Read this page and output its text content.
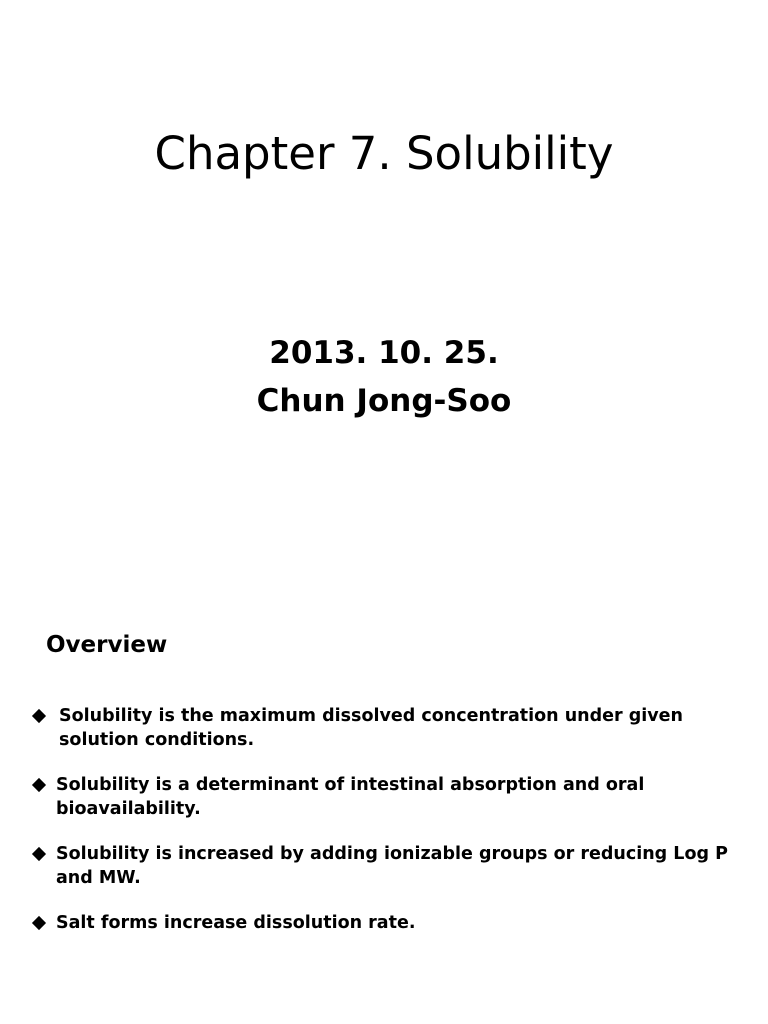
Chapter 7. Solubility
2013. 10. 25.
Chun Jong-Soo
Overview
Solubility is the maximum dissolved concentration under given solution conditions.
Solubility is a determinant of intestinal absorption and oral bioavailability.
Solubility is increased by adding ionizable groups or reducing Log P and MW.
Salt forms increase dissolution rate.
